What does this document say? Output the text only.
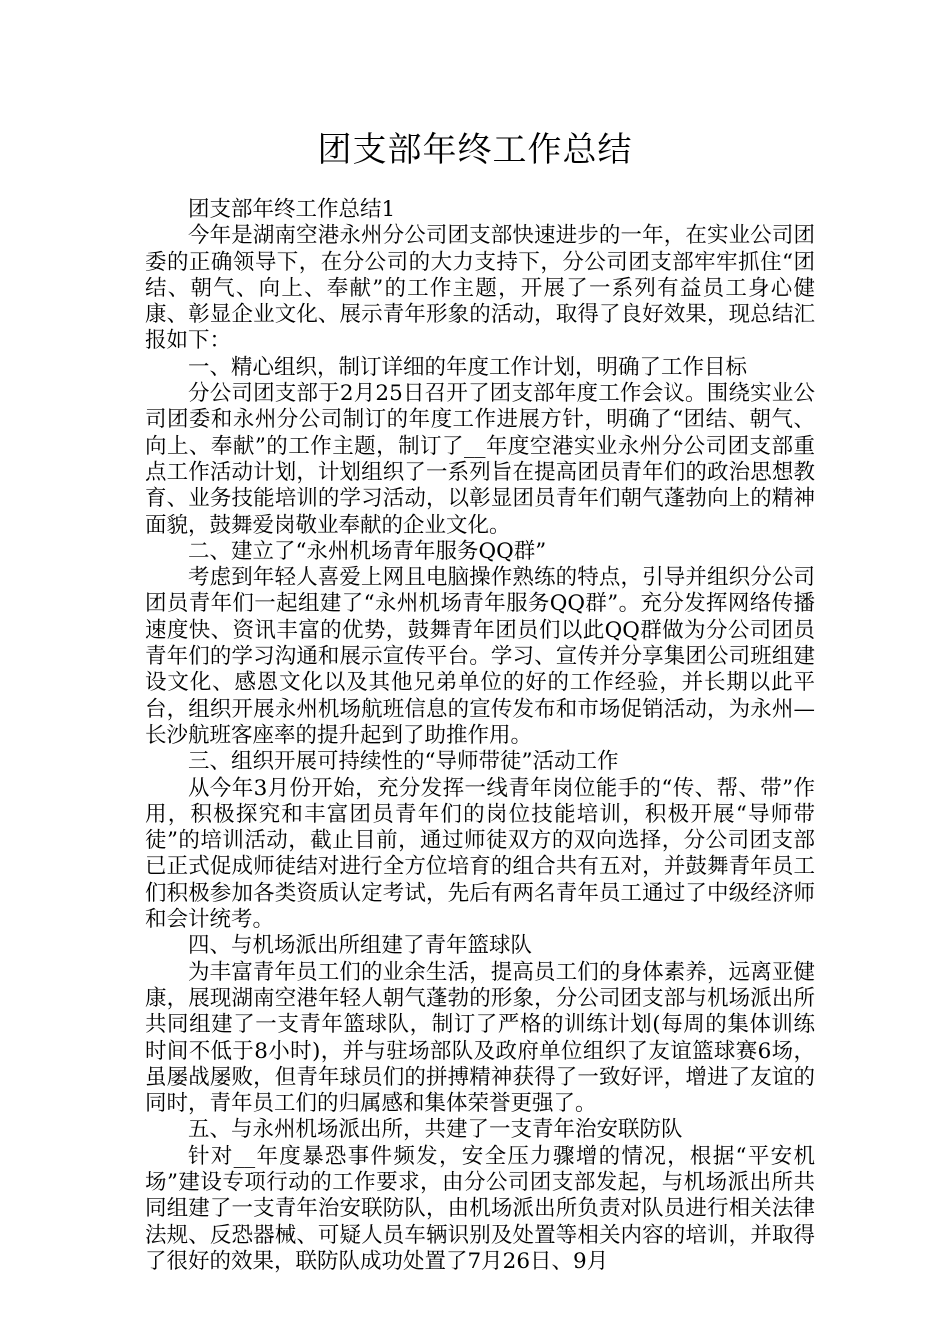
团支部年终工作总结

团支部年终工作总结1

今年是湖南空港永州分公司团支部快速进步的一年，在实业公司团委的正确领导下，在分公司的大力支持下，分公司团支部牢牢抓住“团结、朝气、向上、奉献”的工作主题，开展了一系列有益员工身心健康、彰显企业文化、展示青年形象的活动，取得了良好效果，现总结汇报如下：

一、精心组织，制订详细的年度工作计划，明确了工作目标

分公司团支部于2月25日召开了团支部年度工作会议。围绕实业公司团委和永州分公司制订的年度工作进展方针，明确了“团结、朝气、向上、奉献”的工作主题，制订了__年度空港实业永州分公司团支部重点工作活动计划，计划组织了一系列旨在提高团员青年们的政治思想教育、业务技能培训的学习活动，以彰显团员青年们朝气蓬勃向上的精神面貌，鼓舞爱岗敬业奉献的企业文化。

二、建立了“永州机场青年服务QQ群”

考虑到年轻人喜爱上网且电脑操作熟练的特点，引导并组织分公司团员青年们一起组建了“永州机场青年服务QQ群”。充分发挥网络传播速度快、资讯丰富的优势，鼓舞青年团员们以此QQ群做为分公司团员青年们的学习沟通和展示宣传平台。学习、宣传并分享集团公司班组建设文化、感恩文化以及其他兄弟单位的好的工作经验，并长期以此平台，组织开展永州机场航班信息的宣传发布和市场促销活动，为永州—长沙航班客座率的提升起到了助推作用。

三、组织开展可持续性的“导师带徒”活动工作

从今年3月份开始，充分发挥一线青年岗位能手的“传、帮、带”作用，积极探究和丰富团员青年们的岗位技能培训，积极开展“导师带徒”的培训活动，截止目前，通过师徒双方的双向选择，分公司团支部已正式促成师徒结对进行全方位培育的组合共有五对，并鼓舞青年员工们积极参加各类资质认定考试，先后有两名青年员工通过了中级经济师和会计统考。

四、与机场派出所组建了青年篮球队

为丰富青年员工们的业余生活，提高员工们的身体素养，远离亚健康，展现湖南空港年轻人朝气蓬勃的形象，分公司团支部与机场派出所共同组建了一支青年篮球队，制订了严格的训练计划(每周的集体训练时间不低于8小时)，并与驻场部队及政府单位组织了友谊篮球赛6场，虽屡战屡败，但青年球员们的拼搏精神获得了一致好评，增进了友谊的同时，青年员工们的归属感和集体荣誉更强了。

五、与永州机场派出所，共建了一支青年治安联防队

针对__年度暴恐事件频发，安全压力骤增的情况，根据“平安机场”建设专项行动的工作要求，由分公司团支部发起，与机场派出所共同组建了一支青年治安联防队，由机场派出所负责对队员进行相关法律法规、反恐器械、可疑人员车辆识别及处置等相关内容的培训，并取得了很好的效果，联防队成功处置了7月26日、9月
